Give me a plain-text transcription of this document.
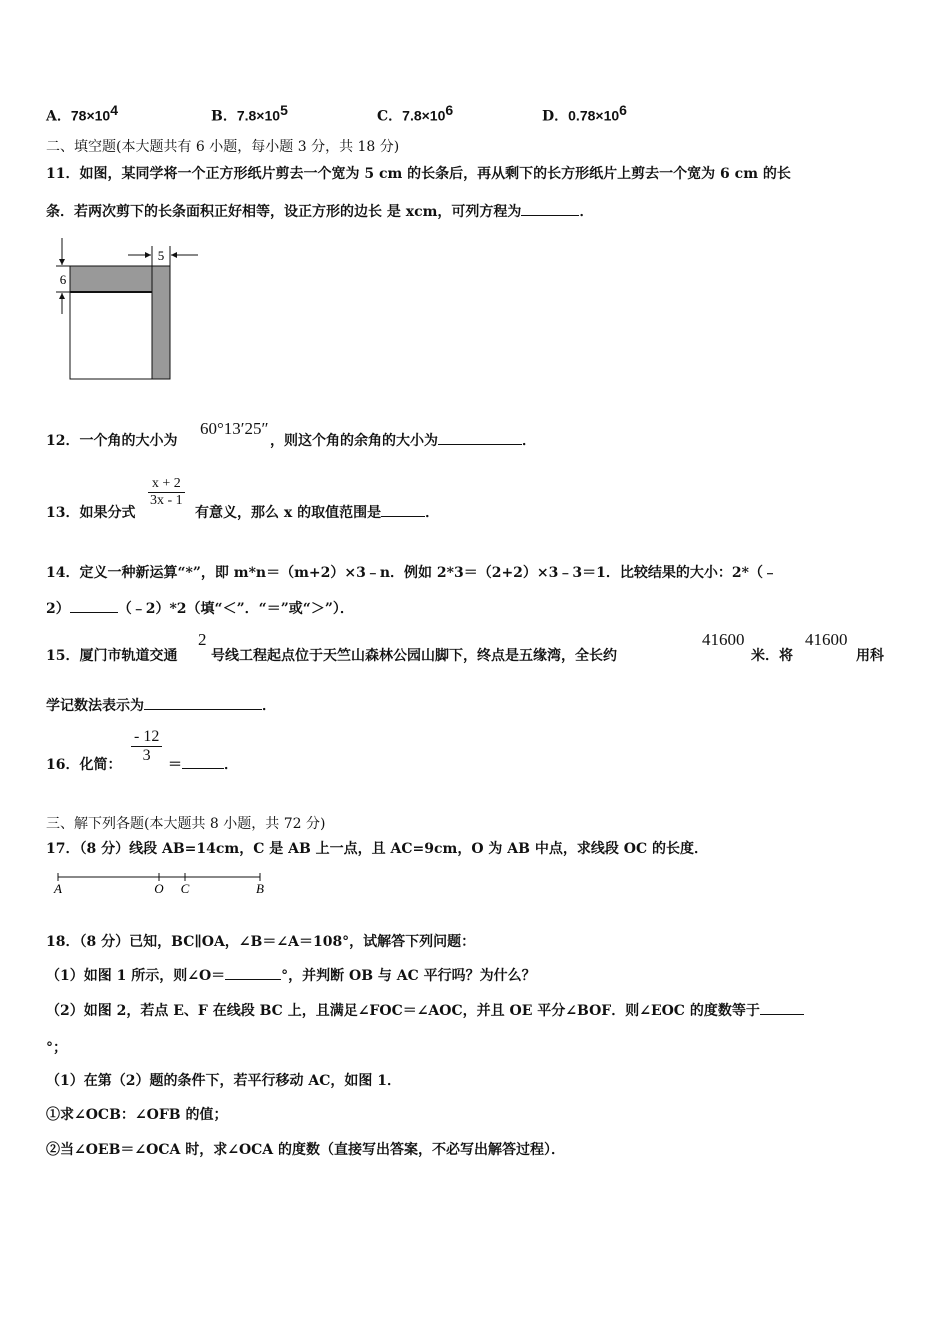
A．78×104	B．7.8×105	C．7.8×106	D．0.78×106
二、填空题(本大题共有 6 小题，每小题 3 分，共 18 分)
11．如图，某同学将一个正方形纸片剪去一个宽为 5 cm 的长条后，再从剩下的长方形纸片上剪去一个宽为 6 cm 的长
条．若两次剪下的长条面积正好相等，设正方形的边长 是 xcm，可列方程为	．
5
6
12．一个角的大小为
60°13′25″
，则这个角的余角的大小为	．
13．如果分式
$\frac{x + 2}{3x - 1}$
有意义，那么 x 的取值范围是	．
14．定义一种新运算“*”，即 m*n＝（m+2）×3﹣n．例如 2*3＝（2+2）×3﹣3＝1．比较结果的大小：2*（﹣
2）	（﹣2）*2（填“＜”．“＝”或“＞”）．
15．厦门市轨道交通
2
号线工程起点位于天竺山森林公园山脚下，终点是五缘湾，全长约
41600
米．将
41600
用科
学记数法表示为	．
16．化简： $\frac{- 12}{3}$ ＝	．
三、解下列各题(本大题共 8 小题，共 72 分)
17．（8 分）线段 AB=14cm，C 是 AB 上一点，且 AC=9cm，O 为 AB 中点，求线段 OC 的长度．
A	O C	B
18．（8 分）已知，BC∥OA，∠B＝∠A＝108°，试解答下列问题：
（1）如图 1 所示，则∠O＝	°，并判断 OB 与 AC 平行吗？为什么？
（2）如图 2，若点 E、F 在线段 BC 上，且满足∠FOC＝∠AOC，并且 OE 平分∠BOF．则∠EOC 的度数等于
°；
（1）在第（2）题的条件下，若平行移动 AC，如图 1．
①求∠OCB：∠OFB 的值；
②当∠OEB＝∠OCA 时，求∠OCA 的度数（直接写出答案，不必写出解答过程）．
